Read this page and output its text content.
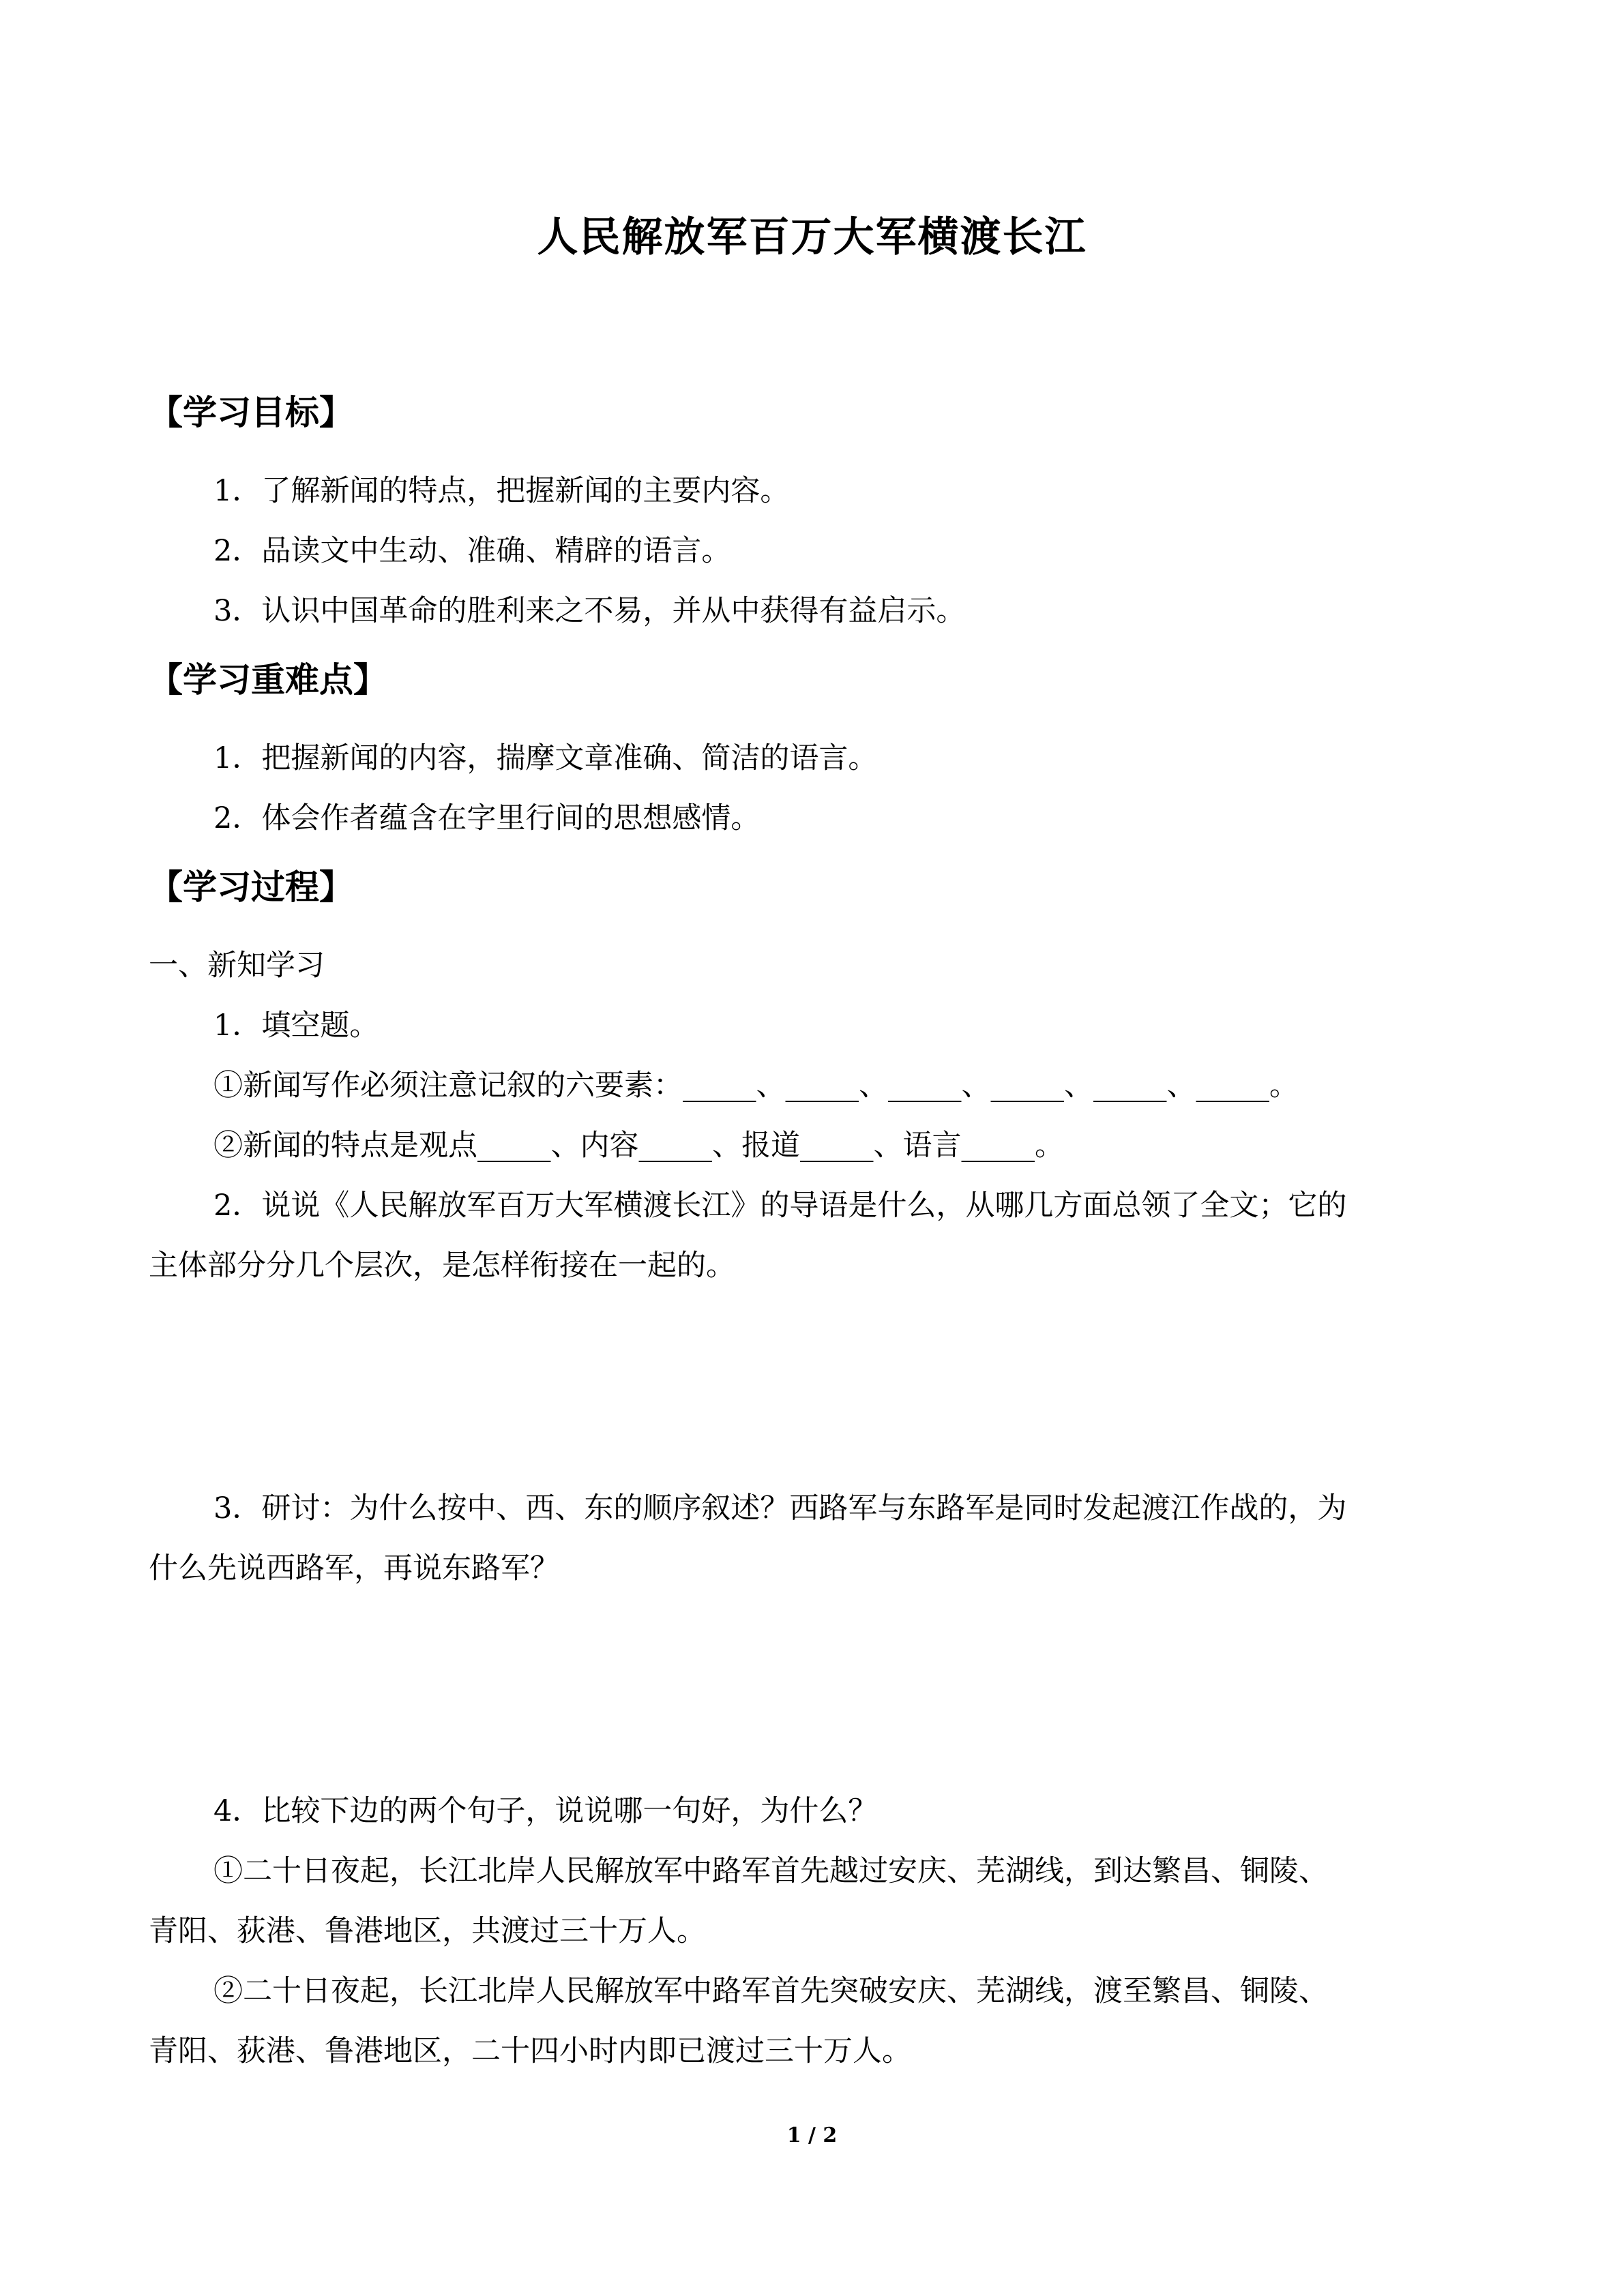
人民解放军百万大军横渡长江
【学习目标】
1．了解新闻的特点，把握新闻的主要内容。
2．品读文中生动、准确、精辟的语言。
3．认识中国革命的胜利来之不易，并从中获得有益启示。
【学习重难点】
1．把握新闻的内容，揣摩文章准确、简洁的语言。
2．体会作者蕴含在字里行间的思想感情。
【学习过程】
一、新知学习
1．填空题。
①新闻写作必须注意记叙的六要素：_____、_____、_____、_____、_____、_____。
②新闻的特点是观点_____、内容_____、报道_____、语言_____。
2．说说《人民解放军百万大军横渡长江》的导语是什么，从哪几方面总领了全文；它的
主体部分分几个层次，是怎样衔接在一起的。
3．研讨：为什么按中、西、东的顺序叙述？西路军与东路军是同时发起渡江作战的，为
什么先说西路军，再说东路军？
4．比较下边的两个句子，说说哪一句好，为什么？
①二十日夜起，长江北岸人民解放军中路军首先越过安庆、芜湖线，到达繁昌、铜陵、
青阳、荻港、鲁港地区，共渡过三十万人。
②二十日夜起，长江北岸人民解放军中路军首先突破安庆、芜湖线，渡至繁昌、铜陵、
青阳、荻港、鲁港地区，二十四小时内即已渡过三十万人。
1 / 2
